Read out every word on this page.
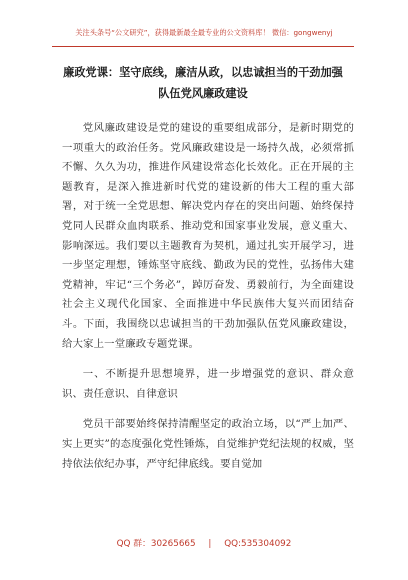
关注头条号“公文研究”，获得最新最全最专业的公文资料库！ 微信：gongwenyj
廉政党课：坚守底线，廉洁从政，以忠诚担当的干劲加强
队伍党风廉政建设

党风廉政建设是党的建设的重要组成部分，是新时期党的一项重大的政治任务。党风廉政建设是一场持久战，必须常抓不懈、久久为功，推进作风建设常态化长效化。正在开展的主题教育，是深入推进新时代党的建设新的伟大工程的重大部署，对于统一全党思想、解决党内存在的突出问题、始终保持党同人民群众血肉联系、推动党和国家事业发展，意义重大、影响深远。我们要以主题教育为契机，通过扎实开展学习，进一步坚定理想，锤炼坚守底线、勤政为民的党性，弘扬伟大建党精神，牢记“三个务必”，踔厉奋发、勇毅前行，为全面建设社会主义现代化国家、全面推进中华民族伟大复兴而团结奋斗。下面，我围绕以忠诚担当的干劲加强队伍党风廉政建设，给大家上一堂廉政专题党课。

一、不断提升思想境界，进一步增强党的意识、群众意识、责任意识、自律意识

党员干部要始终保持清醒坚定的政治立场，以“严上加严、实上更实”的态度强化党性锤炼，自觉维护党纪法规的权威，坚持依法依纪办事，严守纪律底线。要自觉加

QQ 群：30265665 | QQ:535304092
